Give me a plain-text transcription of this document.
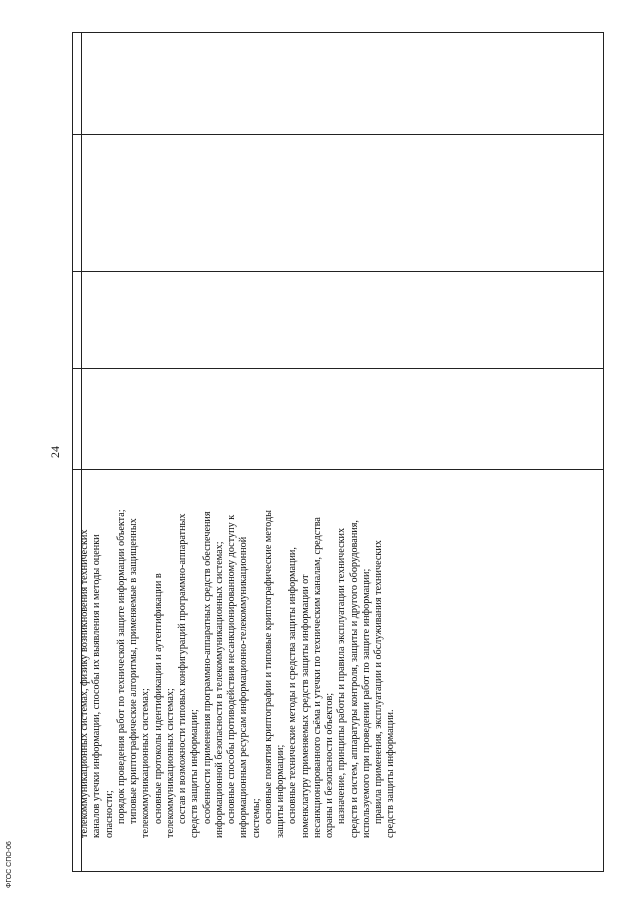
телекоммуникационных системах, физику возникновения технических каналов утечки информации, способы их выявления и методы оценки опасности; порядок проведения работ по технической защите информации объекта; типовые криптографические алгоритмы, применяемые в защищенных телекоммуникационных системах; основные протоколы идентификации и аутентификации в телекоммуникационных системах; состав и возможности типовых конфигураций программно-аппаратных средств защиты информации; особенности применения программно-аппаратных средств обеспечения информационной безопасности в телекоммуникационных системах; основные способы противодействия несанкционированному доступу к информационным ресурсам информационно-телекоммуникационной системы; основные понятия криптографии и типовые криптографические методы защиты информации; основные технические методы и средства защиты информации, номенклатуру применяемых средств защиты информации от несанкционированного съёма и утечки по техническим каналам, средства охраны и безопасности объектов; назначение, принципы работы и правила эксплуатации технических средств и систем, аппаратуры контроля, защиты и другого оборудования, используемого при проведении работ по защите информации; правила применения, эксплуатации и обслуживания технических средств защиты информации.

24
ФГОС СПО-06
